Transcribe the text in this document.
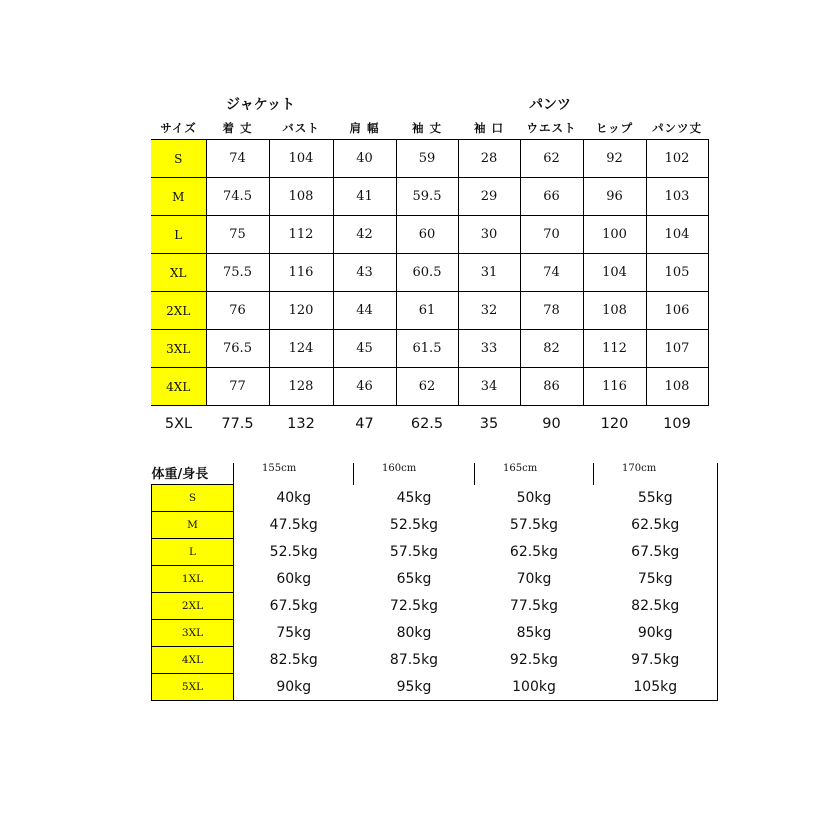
ジャケット	パンツ
サイズ	着 丈	バスト	肩 幅	袖 丈	袖 口	ウエスト	ヒップ	パンツ丈
S	74	104	40	59	28	62	92	102
M	74.5	108	41	59.5	29	66	96	103
L	75	112	42	60	30	70	100	104
XL	75.5	116	43	60.5	31	74	104	105
2XL	76	120	44	61	32	78	108	106
3XL	76.5	124	45	61.5	33	82	112	107
4XL	77	128	46	62	34	86	116	108
5XL	77.5	132	47	62.5	35	90	120	109
体重/身長	155cm	160cm	165cm	170cm
S	40kg	45kg	50kg	55kg
M	47.5kg	52.5kg	57.5kg	62.5kg
L	52.5kg	57.5kg	62.5kg	67.5kg
1XL	60kg	65kg	70kg	75kg
2XL	67.5kg	72.5kg	77.5kg	82.5kg
3XL	75kg	80kg	85kg	90kg
4XL	82.5kg	87.5kg	92.5kg	97.5kg
5XL	90kg	95kg	100kg	105kg
